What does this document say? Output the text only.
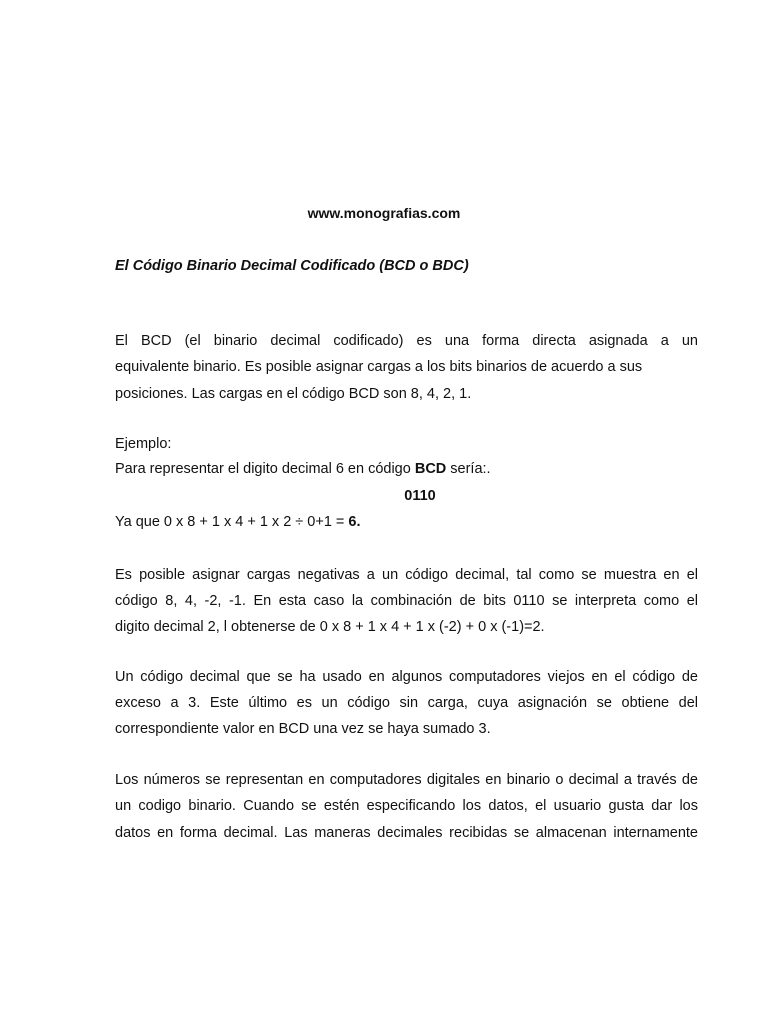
www.monografias.com
El Código Binario Decimal Codificado (BCD o BDC)
El BCD (el binario decimal codificado) es una forma directa asignada a un
equivalente binario. Es posible asignar cargas a los bits binarios de acuerdo a sus
posiciones. Las cargas en el código BCD son 8, 4, 2, 1.
Ejemplo:
Para representar el digito decimal 6 en código BCD sería:.
0110
Ya que 0 x 8 + 1 x 4 + 1 x 2 ÷ 0+1 = 6.
Es posible asignar cargas negativas a un código decimal, tal como se muestra en el
código 8, 4, -2, -1. En esta caso la combinación de bits 0110 se interpreta como el
digito decimal 2, l obtenerse de 0 x 8 + 1 x 4 + 1 x (-2) + 0 x (-1)=2.
Un código decimal que se ha usado en algunos computadores viejos en el código de
exceso a 3. Este último es un código sin carga, cuya asignación se obtiene del
correspondiente valor en BCD una vez se haya sumado 3.
Los números se representan en computadores digitales en binario o decimal a través de
un codigo binario. Cuando se estén especificando los datos, el usuario gusta dar los
datos en forma decimal. Las maneras decimales recibidas se almacenan internamente
